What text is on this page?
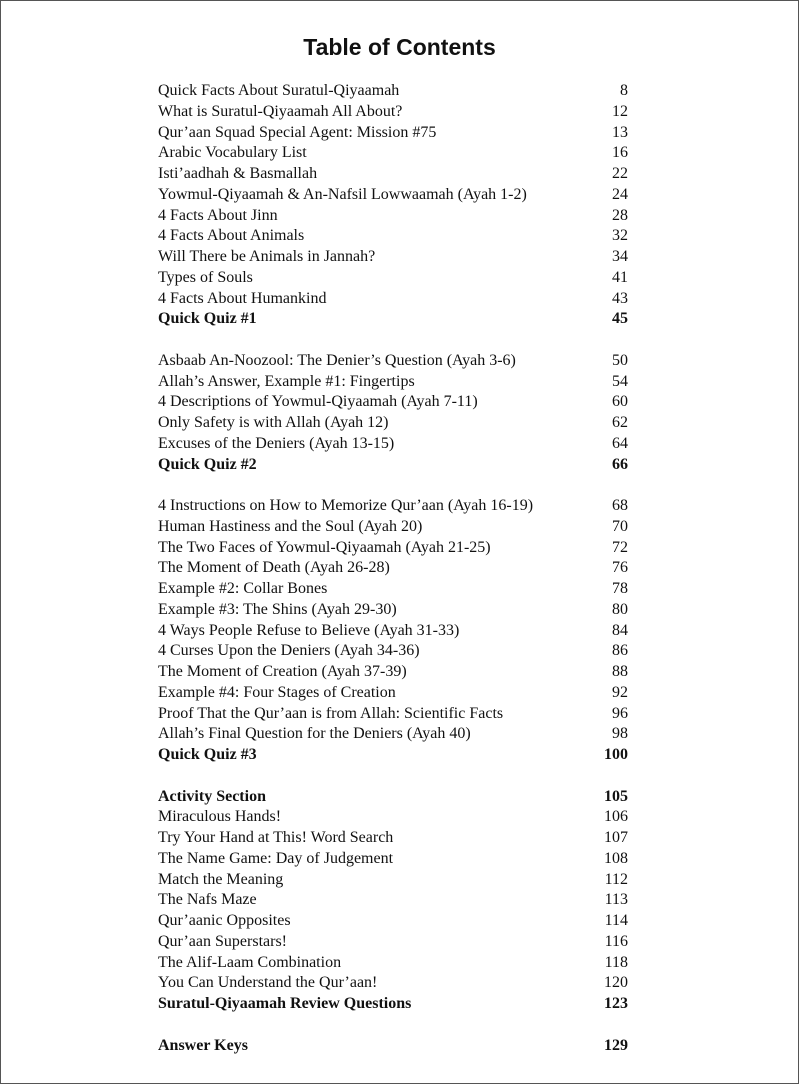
Table of Contents
Quick Facts About Suratul-Qiyaamah	8
What is Suratul-Qiyaamah All About?	12
Qur’aan Squad Special Agent: Mission #75	13
Arabic Vocabulary List	16
Isti’aadhah & Basmallah	22
Yowmul-Qiyaamah & An-Nafsil Lowwaamah (Ayah 1-2)	24
4 Facts About Jinn	28
4 Facts About Animals	32
Will There be Animals in Jannah?	34
Types of Souls	41
4 Facts About Humankind	43
Quick Quiz #1	45
Asbaab An-Noozool: The Denier’s Question (Ayah 3-6)	50
Allah’s Answer, Example #1: Fingertips	54
4 Descriptions of Yowmul-Qiyaamah (Ayah 7-11)	60
Only Safety is with Allah (Ayah 12)	62
Excuses of the Deniers (Ayah 13-15)	64
Quick Quiz #2	66
4 Instructions on How to Memorize Qur’aan (Ayah 16-19)	68
Human Hastiness and the Soul (Ayah 20)	70
The Two Faces of Yowmul-Qiyaamah (Ayah 21-25)	72
The Moment of Death (Ayah 26-28)	76
Example #2: Collar Bones	78
Example #3: The Shins (Ayah 29-30)	80
4 Ways People Refuse to Believe (Ayah 31-33)	84
4 Curses Upon the Deniers (Ayah 34-36)	86
The Moment of Creation (Ayah 37-39)	88
Example #4: Four Stages of Creation	92
Proof That the Qur’aan is from Allah: Scientific Facts	96
Allah’s Final Question for the Deniers (Ayah 40)	98
Quick Quiz #3	100
Activity Section	105
Miraculous Hands!	106
Try Your Hand at This! Word Search	107
The Name Game: Day of Judgement	108
Match the Meaning	112
The Nafs Maze	113
Qur’aanic Opposites	114
Qur’aan Superstars!	116
The Alif-Laam Combination	118
You Can Understand the Qur’aan!	120
Suratul-Qiyaamah Review Questions	123
Answer Keys	129
